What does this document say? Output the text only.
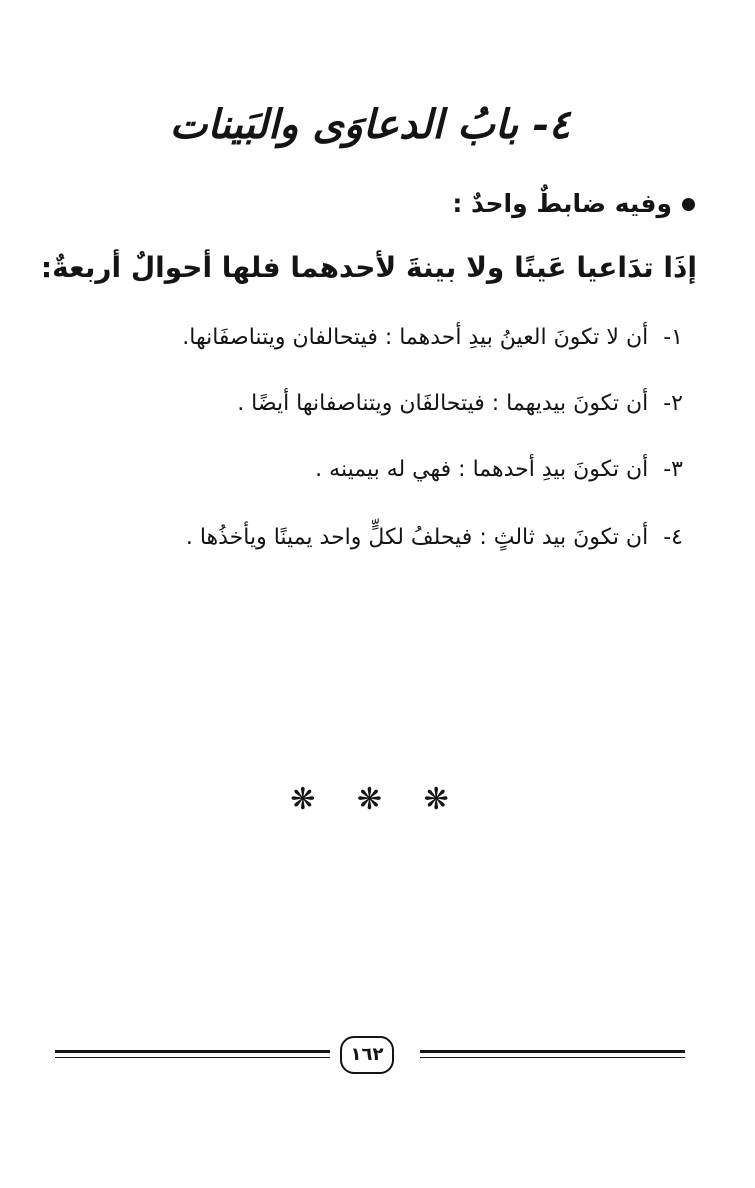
٤- بابُ الدعاوَى والبَينات
وفيه ضابطٌ واحدٌ :
إذَا تدَاعيا عَينًا ولا بينةَ لأحدهما فلها أحوالٌ أربعةٌ:
١- أن لا تكونَ العينُ بيدِ أحدهما : فيتحالفان ويتناصفَانها.
٢- أن تكونَ بيديهما : فيتحالفَان ويتناصفانها أيضًا .
٣- أن تكونَ بيدِ أحدهما : فهي له بيمينه .
٤- أن تكونَ بيد ثالثٍ : فيحلفُ لكلٍّ واحد يمينًا ويأخذُها .
❋ ❋ ❋
١٦٢
